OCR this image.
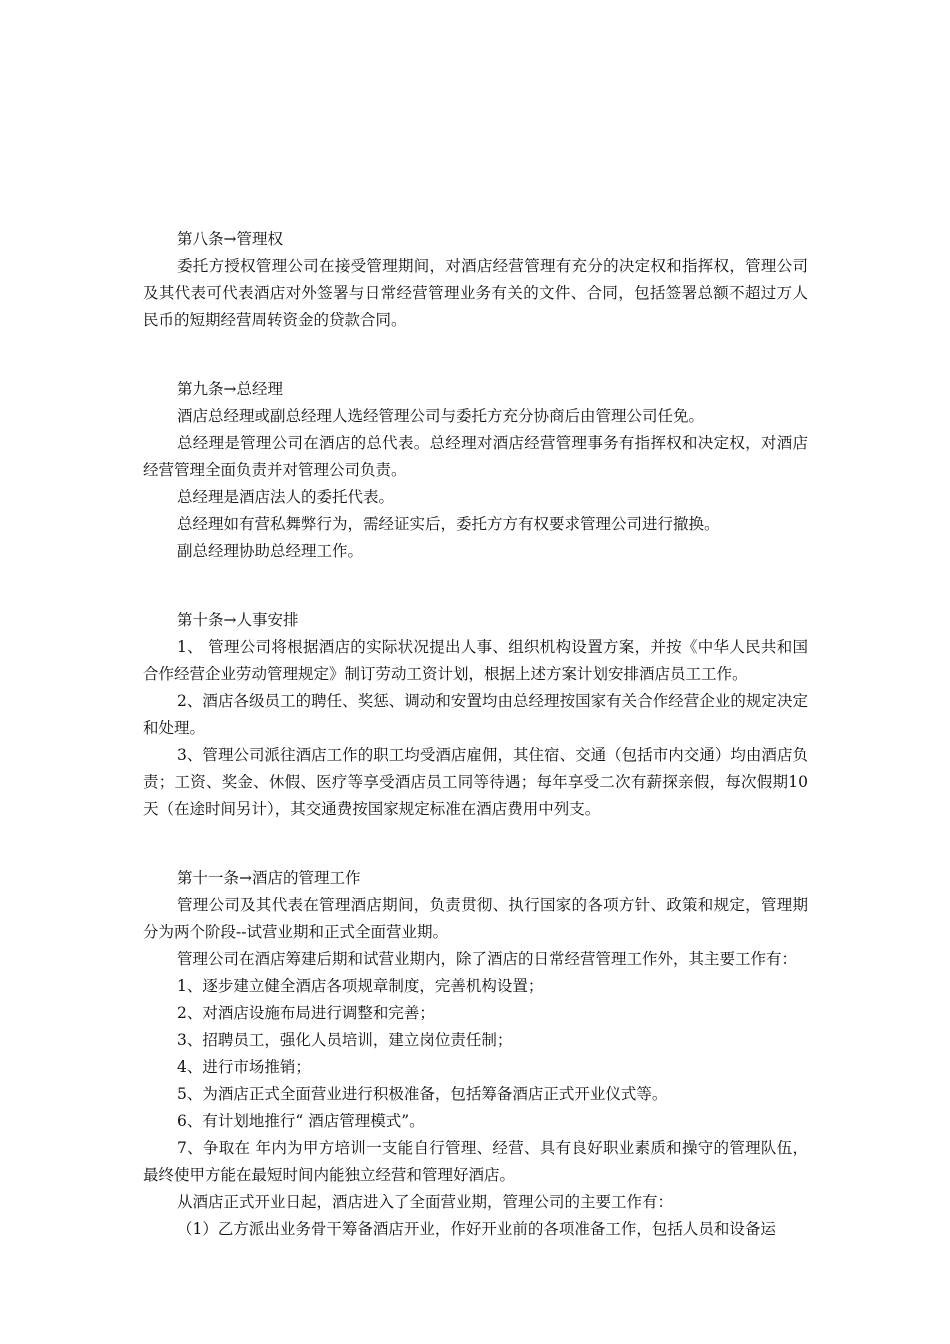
第八条→管理权

委托方授权管理公司在接受管理期间，对酒店经营管理有充分的决定权和指挥权，管理公司及其代表可代表酒店对外签署与日常经营管理业务有关的文件、合同，包括签署总额不超过万人民币的短期经营周转资金的贷款合同。

第九条→总经理

酒店总经理或副总经理人选经管理公司与委托方充分协商后由管理公司任免。

总经理是管理公司在酒店的总代表。总经理对酒店经营管理事务有指挥权和决定权，对酒店经营管理全面负责并对管理公司负责。

总经理是酒店法人的委托代表。

总经理如有营私舞弊行为，需经证实后，委托方方有权要求管理公司进行撤换。

副总经理协助总经理工作。

第十条→人事安排

1、 管理公司将根据酒店的实际状况提出人事、组织机构设置方案，并按《中华人民共和国合作经营企业劳动管理规定》制订劳动工资计划，根据上述方案计划安排酒店员工工作。

2、酒店各级员工的聘任、奖惩、调动和安置均由总经理按国家有关合作经营企业的规定决定和处理。

3、管理公司派往酒店工作的职工均受酒店雇佣，其住宿、交通（包括市内交通）均由酒店负责；工资、奖金、休假、医疗等享受酒店员工同等待遇；每年享受二次有薪探亲假，每次假期10天（在途时间另计），其交通费按国家规定标准在酒店费用中列支。

第十一条→酒店的管理工作

管理公司及其代表在管理酒店期间，负责贯彻、执行国家的各项方针、政策和规定，管理期分为两个阶段--试营业期和正式全面营业期。

管理公司在酒店筹建后期和试营业期内，除了酒店的日常经营管理工作外，其主要工作有：

1、逐步建立健全酒店各项规章制度，完善机构设置；

2、对酒店设施布局进行调整和完善；

3、招聘员工，强化人员培训，建立岗位责任制；

4、进行市场推销；

5、为酒店正式全面营业进行积极准备，包括筹备酒店正式开业仪式等。

6、有计划地推行“ 酒店管理模式”。

7、争取在 年内为甲方培训一支能自行管理、经营、具有良好职业素质和操守的管理队伍，最终使甲方能在最短时间内能独立经营和管理好酒店。

从酒店正式开业日起，酒店进入了全面营业期，管理公司的主要工作有：

（1）乙方派出业务骨干筹备酒店开业，作好开业前的各项准备工作，包括人员和设备运
